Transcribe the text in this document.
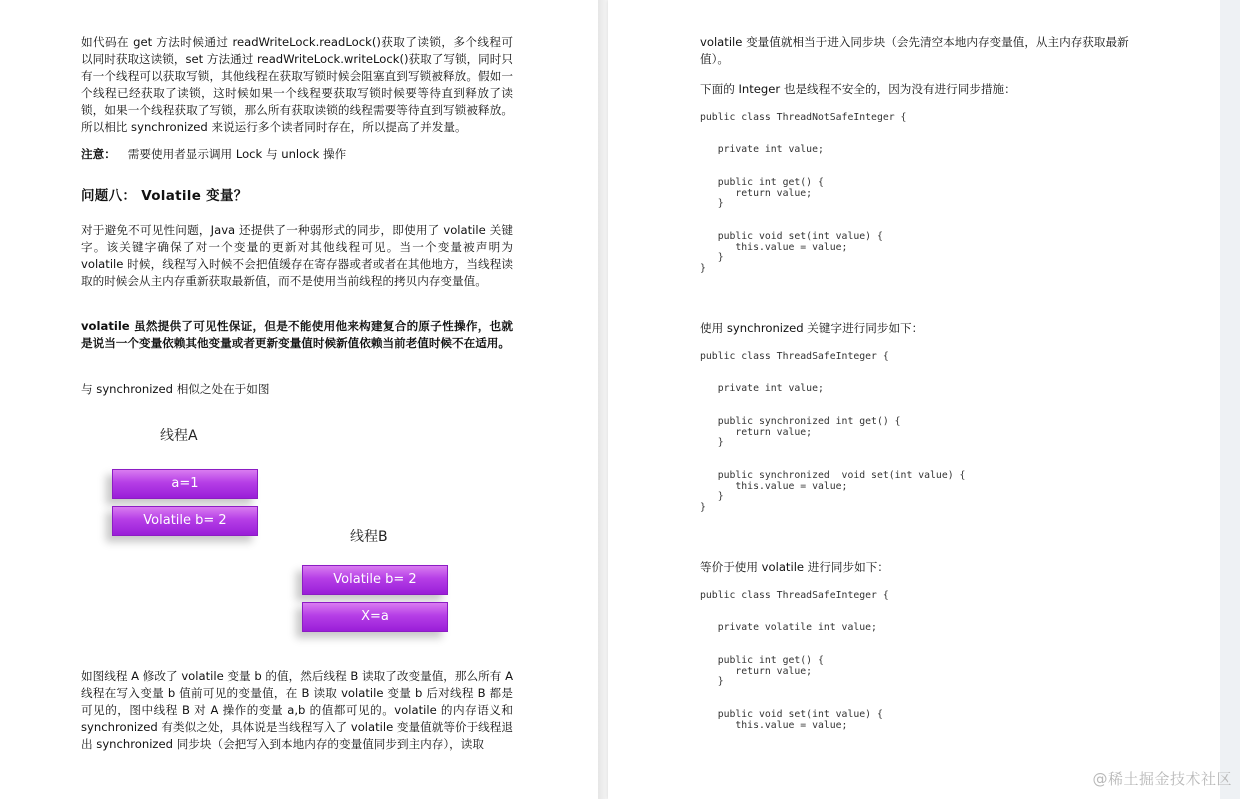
如代码在 get 方法时候通过 readWriteLock.readLock()获取了读锁，多个线程可以同时获取这读锁，set 方法通过 readWriteLock.writeLock()获取了写锁，同时只有一个线程可以获取写锁，其他线程在获取写锁时候会阻塞直到写锁被释放。假如一个线程已经获取了读锁，这时候如果一个线程要获取写锁时候要等待直到释放了读锁，如果一个线程获取了写锁，那么所有获取读锁的线程需要等待直到写锁被释放。所以相比 synchronized 来说运行多个读者同时存在，所以提高了并发量。

注意： 需要使用者显示调用 Lock 与 unlock 操作
问题八： Volatile 变量？

对于避免不可见性问题，Java 还提供了一种弱形式的同步，即使用了 volatile 关键字。该关键字确保了对一个变量的更新对其他线程可见。当一个变量被声明为 volatile 时候，线程写入时候不会把值缓存在寄存器或者或者在其他地方，当线程读取的时候会从主内存重新获取最新值，而不是使用当前线程的拷贝内存变量值。

volatile 虽然提供了可见性保证，但是不能使用他来构建复合的原子性操作，也就是说当一个变量依赖其他变量或者更新变量值时候新值依赖当前老值时候不在适用。

与 synchronized 相似之处在于如图

线程A
a=1
Volatile b= 2
线程B
Volatile b= 2
X=a

如图线程 A 修改了 volatile 变量 b 的值，然后线程 B 读取了改变量值，那么所有 A 线程在写入变量 b 值前可见的变量值，在 B 读取 volatile 变量 b 后对线程 B 都是可见的，图中线程 B 对 A 操作的变量 a,b 的值都可见的。volatile 的内存语义和 synchronized 有类似之处，具体说是当线程写入了 volatile 变量值就等价于线程退出 synchronized 同步块（会把写入到本地内存的变量值同步到主内存），读取

volatile 变量值就相当于进入同步块（会先清空本地内存变量值，从主内存获取最新值）。

下面的 Integer 也是线程不安全的，因为没有进行同步措施：

public class ThreadNotSafeInteger {

private int value;

public int get() {
return value;
}

public void set(int value) {
this.value = value;
}
}

使用 synchronized 关键字进行同步如下：

public class ThreadSafeInteger {

private int value;

public synchronized int get() {
return value;
}

public synchronized  void set(int value) {
this.value = value;
}
}

等价于使用 volatile 进行同步如下：

public class ThreadSafeInteger {

private volatile int value;

public int get() {
return value;
}

public void set(int value) {
this.value = value;
@稀土掘金技术社区
